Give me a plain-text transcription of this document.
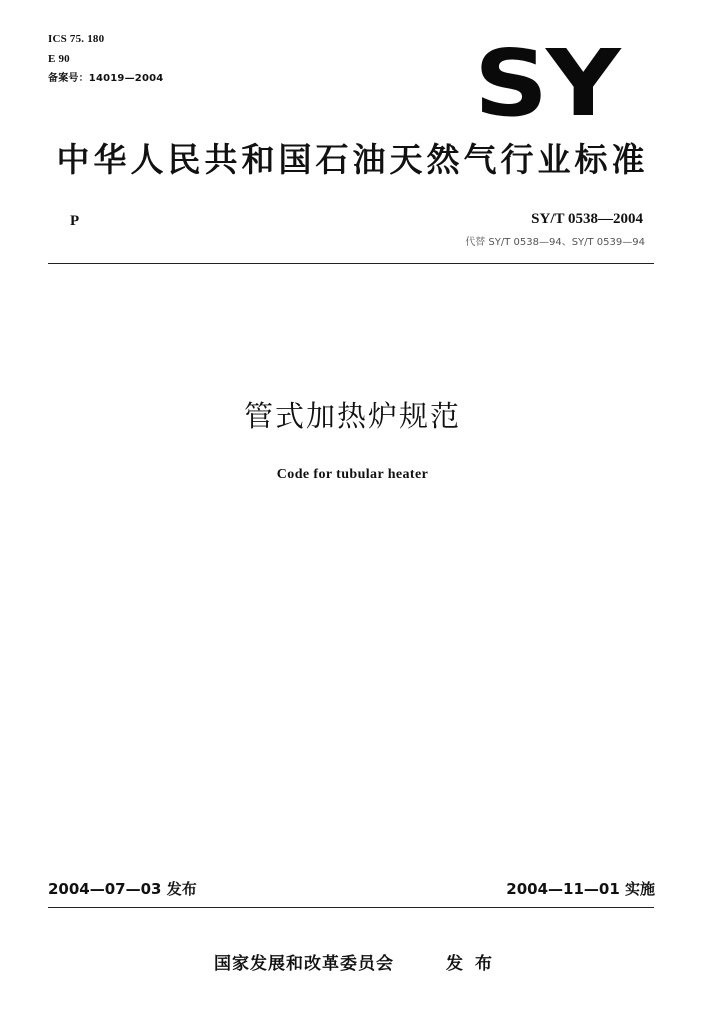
ICS 75. 180
E 90
备案号：14019—2004	SY
中华人民共和国石油天然气行业标准
P	SY/T 0538—2004
代替 SY/T 0538—94、SY/T 0539—94
管式加热炉规范
Code for tubular heater
2004—07—03 发布	2004—11—01 实施
国家发展和改革委员会	发布
